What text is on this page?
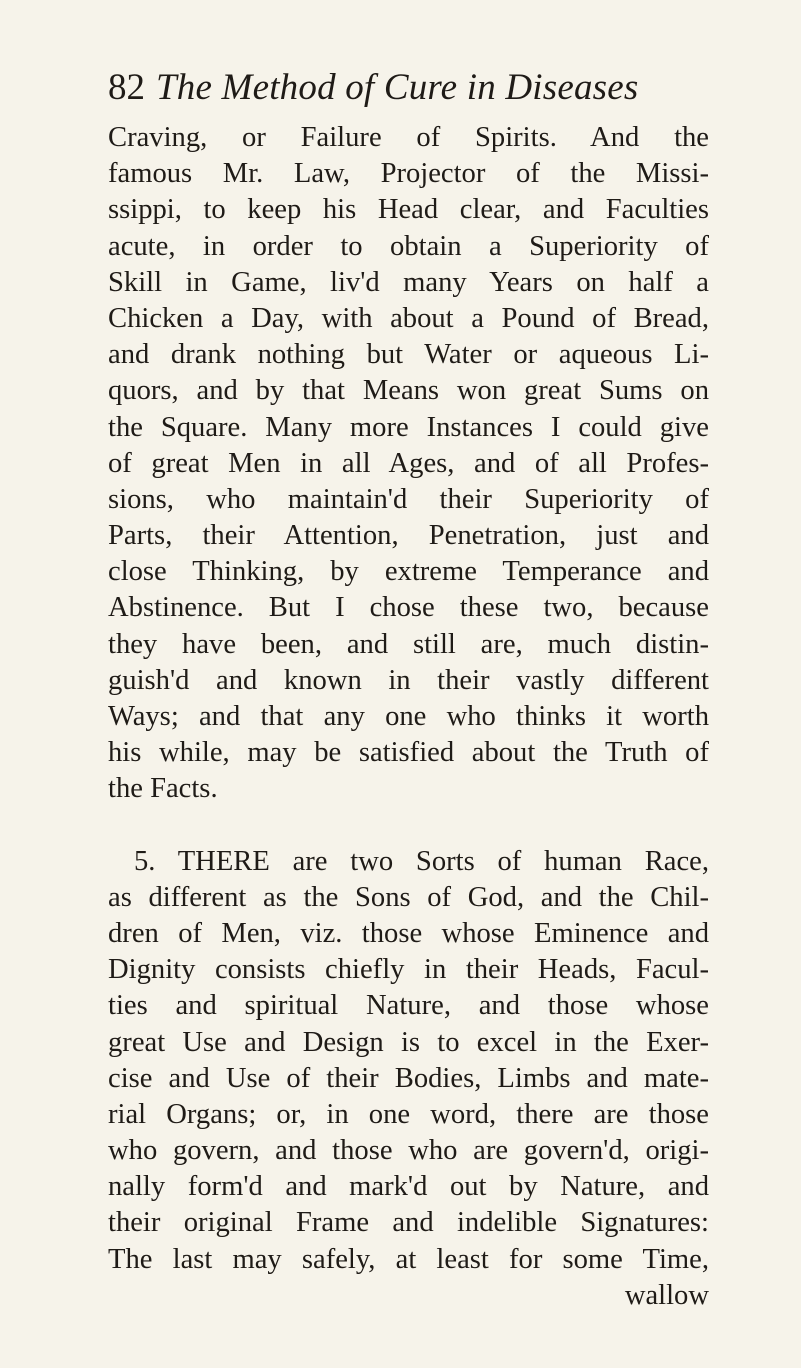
82 The Method of Cure in Diseases
Craving, or Failure of Spirits. And the
famous Mr. Law, Projector of the Missi-
ssippi, to keep his Head clear, and Faculties
acute, in order to obtain a Superiority of
Skill in Game, liv'd many Years on half a
Chicken a Day, with about a Pound of Bread,
and drank nothing but Water or aqueous Li-
quors, and by that Means won great Sums on
the Square. Many more Instances I could give
of great Men in all Ages, and of all Profes-
sions, who maintain'd their Superiority of
Parts, their Attention, Penetration, just and
close Thinking, by extreme Temperance and
Abstinence. But I chose these two, because
they have been, and still are, much distin-
guish'd and known in their vastly different
Ways; and that any one who thinks it worth
his while, may be satisfied about the Truth of
the Facts.
5. THERE are two Sorts of human Race,
as different as the Sons of God, and the Chil-
dren of Men, viz. those whose Eminence and
Dignity consists chiefly in their Heads, Facul-
ties and spiritual Nature, and those whose
great Use and Design is to excel in the Exer-
cise and Use of their Bodies, Limbs and mate-
rial Organs; or, in one word, there are those
who govern, and those who are govern'd, origi-
nally form'd and mark'd out by Nature, and
their original Frame and indelible Signatures:
The last may safely, at least for some Time,
wallow
